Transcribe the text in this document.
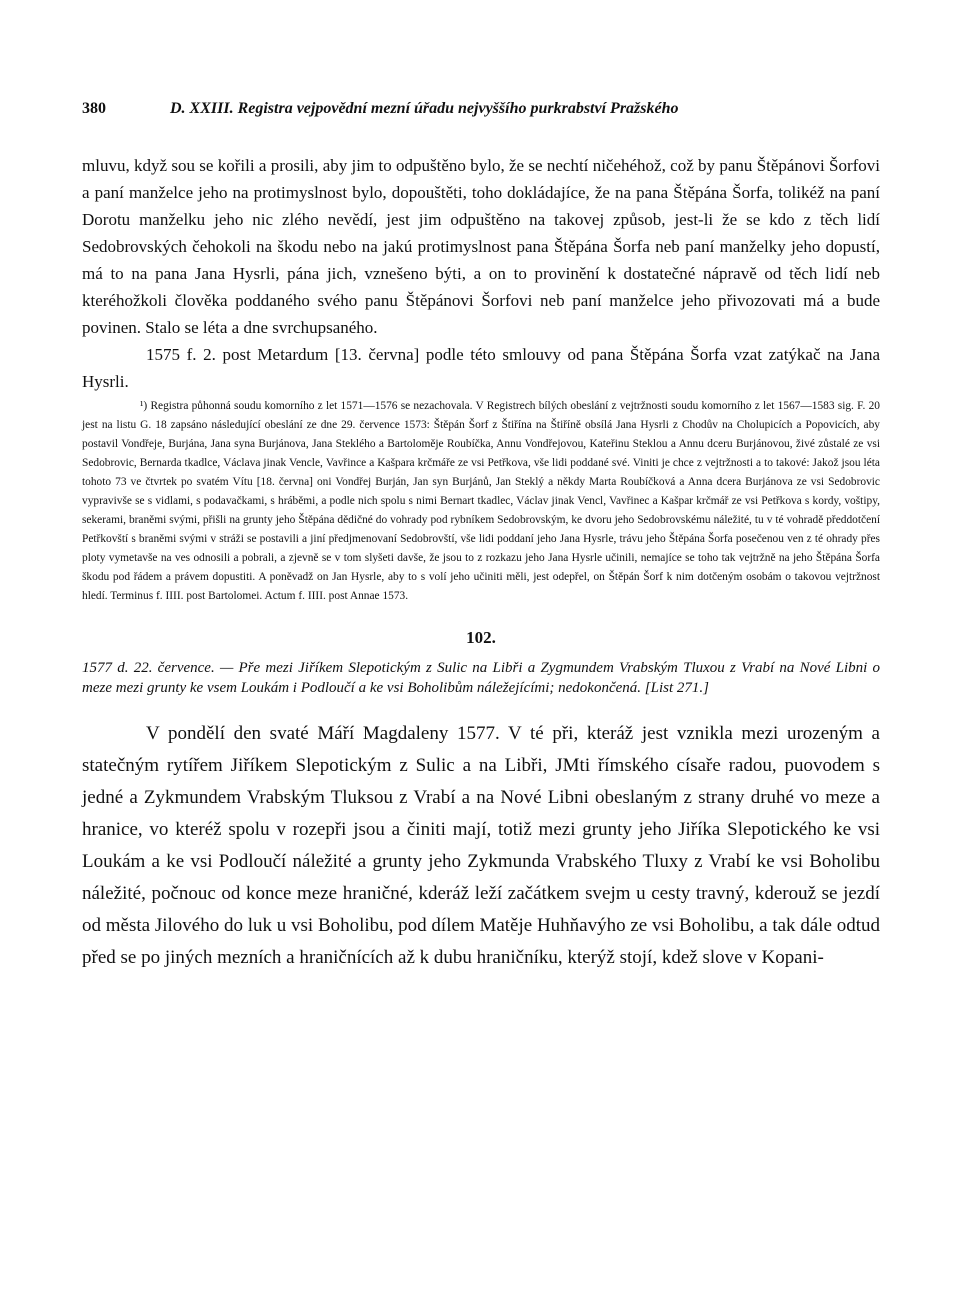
380	D. XXIII. Registra vejpovědní mezní úřadu nejvyššího purkrabství Pražského

mluvu, když sou se kořili a prosili, aby jim to odpuštěno bylo, že se nechtí ničehéhož, což by panu Štěpánovi Šorfovi a paní manželce jeho na protimyslnost bylo, dopouštěti, toho dokládajíce, že na pana Štěpána Šorfa, tolikéž na paní Dorotu manželku jeho nic zlého nevědí, jest jim odpuštěno na takovej způsob, jest-li že se kdo z těch lidí Sedobrovských čehokoli na škodu nebo na jakú protimyslnost pana Štěpána Šorfa neb paní manželky jeho dopustí, má to na pana Jana Hysrli, pána jich, vznešeno býti, a on to provinění k dostatečné nápravě od těch lidí neb kteréhožkoli člověka poddaného svého panu Štěpánovi Šorfovi neb paní manželce jeho přivozovati má a bude povinen. Stalo se léta a dne svrchupsaného.

1575 f. 2. post Metardum [13. června] podle této smlouvy od pana Štěpána Šorfa vzat zatýkač na Jana Hysrli.

¹) Registra půhonná soudu komorního z let 1571—1576 se nezachovala. V Registrech bílých obeslání z vejtržnosti soudu komorního z let 1567—1583 sig. F. 20 jest na listu G. 18 zapsáno následující obeslání ze dne 29. července 1573: Štěpán Šorf z Štiřína na Štiříně obsílá Jana Hysrli z Chodův na Cholupicích a Popovicích, aby postavil Vondřeje, Burjána, Jana syna Burjánova, Jana Steklého a Bartoloměje Roubíčka, Annu Vondřejovou, Kateřinu Steklou a Annu dceru Burjánovou, živé zůstalé ze vsi Sedobrovic, Bernarda tkadlce, Václava jinak Vencle, Vavřince a Kašpara krčmáře ze vsi Petřkova, vše lidi poddané své. Viniti je chce z vejtržnosti a to takové: Jakož jsou léta tohoto 73 ve čtvrtek po svatém Vítu [18. června] oni Vondřej Burján, Jan syn Burjánů, Jan Steklý a někdy Marta Roubíčková a Anna dcera Burjánova ze vsi Sedobrovic vypravivše se s vidlami, s podavačkami, s hráběmi, a podle nich spolu s nimi Bernart tkadlec, Václav jinak Vencl, Vavřinec a Kašpar krčmář ze vsi Petřkova s kordy, voštipy, sekerami, braněmi svými, přišli na grunty jeho Štěpána dědičné do vohrady pod rybníkem Sedobrovským, ke dvoru jeho Sedobrovskému náležité, tu v té vohradě předdotčení Petřkovští s braněmi svými v stráži se postavili a jiní předjmenovaní Sedobrovští, vše lidi poddaní jeho Jana Hysrle, trávu jeho Štěpána Šorfa posečenou ven z té ohrady přes ploty vymetavše na ves odnosili a pobrali, a zjevně se v tom slyšeti davše, že jsou to z rozkazu jeho Jana Hysrle učinili, nemajíce se toho tak vejtržně na jeho Štěpána Šorfa škodu pod řádem a právem dopustiti. A poněvadž on Jan Hysrle, aby to s volí jeho učiniti měli, jest odepřel, on Štěpán Šorf k nim dotčeným osobám o takovou vejtržnost hledí. Terminus f. IIII. post Bartolomei. Actum f. IIII. post Annae 1573.

102.
1577 d. 22. července. — Pře mezi Jiříkem Slepotickým z Sulic na Libři a Zygmundem Vrabským Tluxou z Vrabí na Nové Libni o meze mezi grunty ke vsem Loukám i Podloučí a ke vsi Boholibům náležejícími; nedokončená. [List 271.]

V pondělí den svaté Máří Magdaleny 1577. V té při, kteráž jest vznikla mezi urozeným a statečným rytířem Jiříkem Slepotickým z Sulic a na Libři, JMti římského císaře radou, puovodem s jedné a Zykmundem Vrabským Tluksou z Vrabí a na Nové Libni obeslaným z strany druhé vo meze a hranice, vo kteréž spolu v rozepři jsou a činiti mají, totiž mezi grunty jeho Jiříka Slepotického ke vsi Loukám a ke vsi Podloučí náležité a grunty jeho Zykmunda Vrabského Tluxy z Vrabí ke vsi Boholibu náležité, počnouc od konce meze hraničné, kderáž leží začátkem svejm u cesty travný, kderouž se jezdí od města Jilového do luk u vsi Boholibu, pod dílem Matěje Huhňavýho ze vsi Boholibu, a tak dále odtud před se po jiných mezních a hraničnících až k dubu hraničníku, kterýž stojí, kdež slove v Kopani-
